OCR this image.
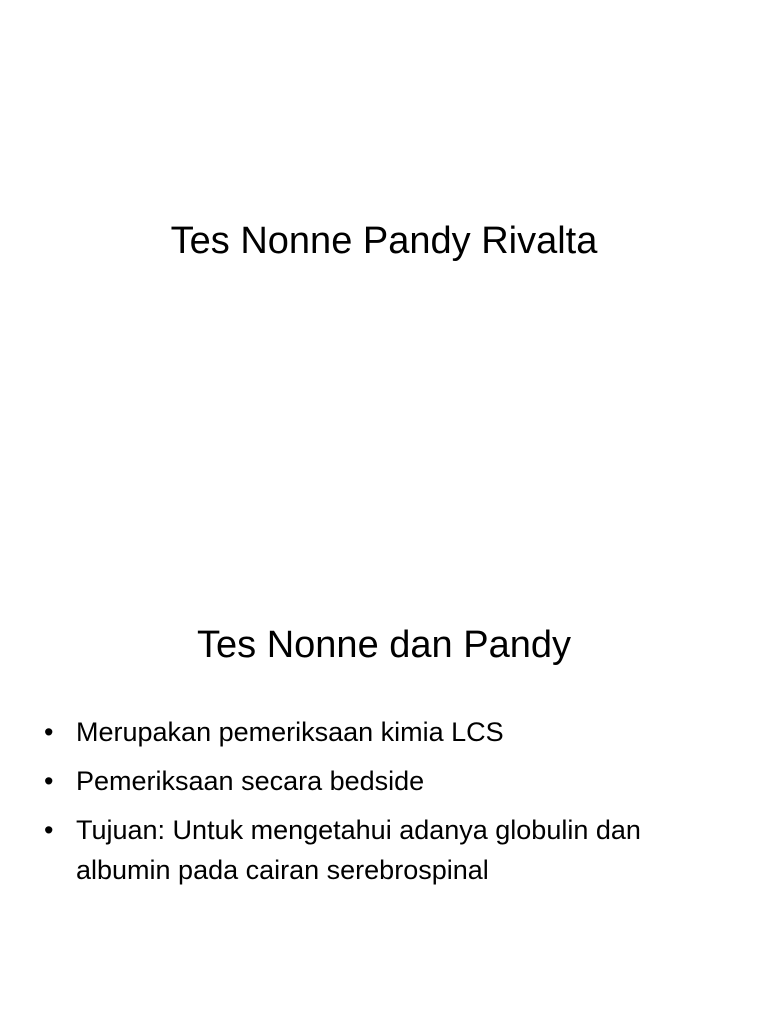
Tes Nonne Pandy Rivalta
Tes Nonne dan Pandy
• Merupakan pemeriksaan kimia LCS
• Pemeriksaan secara bedside
• Tujuan: Untuk mengetahui adanya globulin dan albumin pada cairan serebrospinal
